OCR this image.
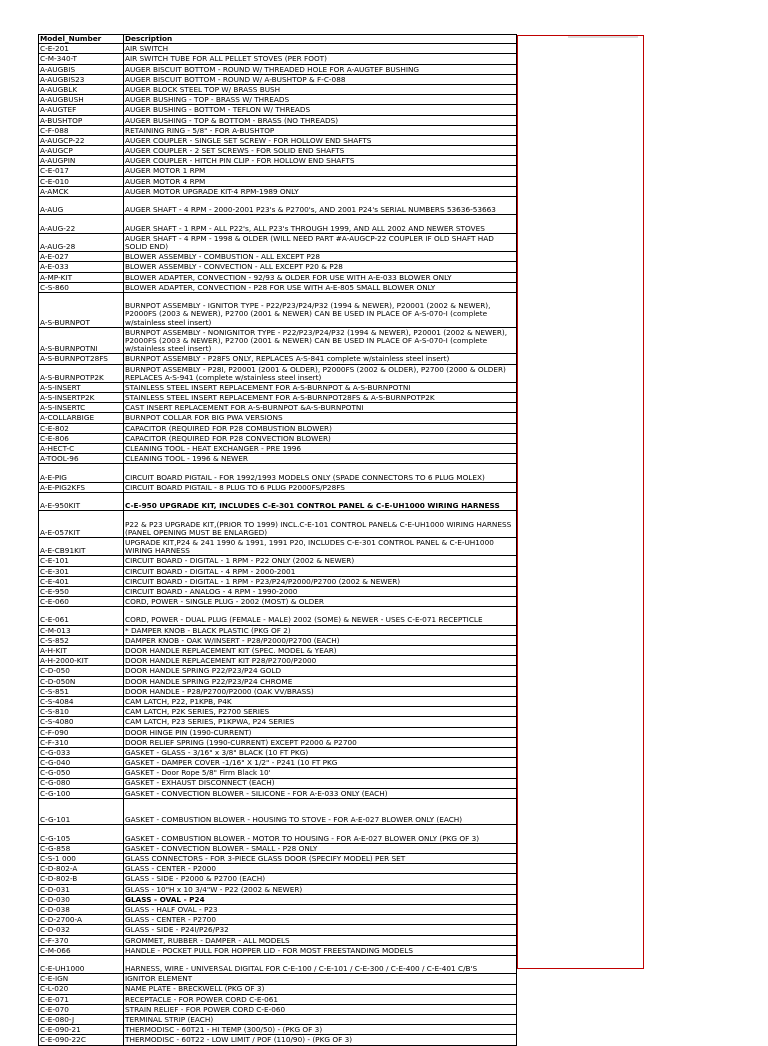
Model_Number	Description
C-E-201	AIR SWITCH
C-M-340-T	AIR SWITCH TUBE FOR ALL PELLET STOVES (PER FOOT)
A-AUGBIS	AUGER BISCUIT BOTTOM - ROUND W/ THREADED HOLE FOR A-AUGTEF BUSHING
A-AUGBIS23	AUGER BISCUIT BOTTOM - ROUND W/ A-BUSHTOP & F-C-088
A-AUGBLK	AUGER BLOCK STEEL TOP W/ BRASS BUSH
A-AUGBUSH	AUGER BUSHING - TOP - BRASS W/ THREADS
A-AUGTEF	AUGER BUSHING - BOTTOM - TEFLON W/ THREADS
A-BUSHTOP	AUGER BUSHING - TOP & BOTTOM - BRASS (NO THREADS)
C-F-088	RETAINING RING - 5/8" - FOR A-BUSHTOP
A-AUGCP-22	AUGER COUPLER - SINGLE SET SCREW - FOR HOLLOW END SHAFTS
A-AUGCP	AUGER COUPLER - 2 SET SCREWS - FOR SOLID END SHAFTS
A-AUGPIN	AUGER COUPLER - HITCH PIN CLIP - FOR HOLLOW END SHAFTS
C-E-017	AUGER MOTOR 1 RPM
C-E-010	AUGER MOTOR 4 RPM
A-AMCK	AUGER MOTOR UPGRADE KIT-4 RPM-1989 ONLY
A-AUG	AUGER SHAFT - 4 RPM - 2000-2001 P23's & P2700's, AND 2001 P24's SERIAL NUMBERS 53636-53663
A-AUG-22	AUGER SHAFT - 1 RPM - ALL P22's, ALL P23's THROUGH 1999, AND ALL 2002 AND NEWER STOVES
A-AUG-28	AUGER SHAFT - 4 RPM - 1998 & OLDER (WILL NEED PART #A-AUGCP-22 COUPLER IF OLD SHAFT HAD SOLID END)
A-E-027	BLOWER ASSEMBLY - COMBUSTION - ALL EXCEPT P28
A-E-033	BLOWER ASSEMBLY - CONVECTION - ALL EXCEPT P20 & P28
A-MP-KIT	BLOWER ADAPTER, CONVECTION - 92/93 & OLDER FOR USE WITH A-E-033 BLOWER ONLY
C-S-860	BLOWER ADAPTER, CONVECTION - P28 FOR USE WITH A-E-805 SMALL BLOWER ONLY
A-S-BURNPOT	BURNPOT ASSEMBLY - IGNITOR TYPE - P22/P23/P24/P32 (1994 & NEWER), P20001 (2002 & NEWER), P2000FS (2003 & NEWER), P2700 (2001 & NEWER) CAN BE USED IN PLACE OF A-S-070-I (complete w/stainless steel insert)
A-S-BURNPOTNI	BURNPOT ASSEMBLY - NONIGNITOR TYPE - P22/P23/P24/P32 (1994 & NEWER), P20001 (2002 & NEWER), P2000FS (2003 & NEWER), P2700 (2001 & NEWER) CAN BE USED IN PLACE OF A-S-070-I (complete w/stainless steel insert)
A-S-BURNPOT28FS	BURNPOT ASSEMBLY - P28FS ONLY, REPLACES A-S-841 complete w/stainless steel insert)
A-S-BURNPOTP2K	BURNPOT ASSEMBLY - P28I, P20001 (2001 & OLDER), P2000FS (2002 & OLDER), P2700 (2000 & OLDER) REPLACES A-S-941 (complete w/stainless steel insert)
A-S-INSERT	STAINLESS STEEL INSERT REPLACEMENT FOR A-S-BURNPOT & A-S-BURNPOTNI
A-S-INSERTP2K	STAINLESS STEEL INSERT REPLACEMENT FOR A-S-BURNPOT28FS & A-S-BURNPOTP2K
A-S-INSERTC	CAST INSERT REPLACEMENT FOR A-S-BURNPOT &A-S-BURNPOTNI
A-COLLARBIGE	BURNPOT COLLAR FOR BIG PWA VERSIONS
C-E-802	CAPACITOR (REQUIRED FOR P28 COMBUSTION BLOWER)
C-E-806	CAPACITOR (REQUIRED FOR P28 CONVECTION BLOWER)
A-HECT-C	CLEANING TOOL - HEAT EXCHANGER - PRE 1996
A-TOOL-96	CLEANING TOOL - 1996 & NEWER
A-E-PIG	CIRCUIT BOARD PIGTAIL - FOR 1992/1993 MODELS ONLY (SPADE CONNECTORS TO 6 PLUG MOLEX)
A-E-PIG2KFS	CIRCUIT BOARD PIGTAIL - 8 PLUG TO 6 PLUG P2000FS/P28FS
A-E-950KIT	C-E-950 UPGRADE KIT, INCLUDES C-E-301 CONTROL PANEL & C-E-UH1000 WIRING HARNESS
A-E-057KIT	P22 & P23 UPGRADE KIT,(PRIOR TO 1999) INCL.C-E-101 CONTROL PANEL& C-E-UH1000 WIRING HARNESS (PANEL OPENING MUST BE ENLARGED)
A-E-CB91KIT	UPGRADE KIT,P24 & 241 1990 & 1991, 1991 P20, INCLUDES C-E-301 CONTROL PANEL & C-E-UH1000 WIRING HARNESS
C-E-101	CIRCUIT BOARD - DIGITAL - 1 RPM - P22 ONLY (2002 & NEWER)
C-E-301	CIRCUIT BOARD - DIGITAL - 4 RPM - 2000-2001
C-E-401	CIRCUIT BOARD - DIGITAL - 1 RPM - P23/P24/P2000/P2700 (2002 & NEWER)
C-E-950	CIRCUIT BOARD - ANALOG - 4 RPM - 1990-2000
C-E-060	CORD, POWER - SINGLE PLUG - 2002 (MOST) & OLDER
C-E-061	CORD, POWER - DUAL PLUG (FEMALE - MALE) 2002 (SOME) & NEWER - USES C-E-071 RECEPTICLE
C-M-013	* DAMPER KNOB - BLACK PLASTIC (PKG OF 2)
C-S-852	DAMPER KNOB - OAK W/INSERT - P28/P2000/P2700 (EACH)
A-H-KIT	DOOR HANDLE REPLACEMENT KIT (SPEC. MODEL & YEAR)
A-H-2000-KIT	DOOR HANDLE REPLACEMENT KIT P28/P2700/P2000
C-D-050	DOOR HANDLE SPRING P22/P23/P24 GOLD
C-D-050N	DOOR HANDLE SPRING P22/P23/P24 CHROME
C-S-851	DOOR HANDLE - P28/P2700/P2000 (OAK VV/BRASS)
C-S-4084	CAM LATCH, P22, P1KPB, P4K
C-S-810	CAM LATCH, P2K SERIES, P2700 SERIES
C-S-4080	CAM LATCH, P23 SERIES, P1KPWA, P24 SERIES
C-F-090	DOOR HINGE PIN (1990-CURRENT)
C-F-310	DOOR RELIEF SPRING (1990-CURRENT) EXCEPT P2000 & P2700
C-G-033	GASKET - GLASS - 3/16" x 3/8" BLACK (10 FT PKG)
C-G-040	GASKET - DAMPER COVER -1/16" X 1/2" - P241 (10 FT PKG
C-G-050	GASKET - Door Rope 5/8" Firm Black 10'
C-G-080	GASKET - EXHAUST DISCONNECT (EACH)
C-G-100	GASKET - CONVECTION BLOWER - SILICONE - FOR A-E-033 ONLY (EACH)
C-G-101	GASKET - COMBUSTION BLOWER - HOUSING TO STOVE - FOR A-E-027 BLOWER ONLY (EACH)
C-G-105	GASKET - COMBUSTION BLOWER - MOTOR TO HOUSING - FOR A-E-027 BLOWER ONLY (PKG OF 3)
C-G-858	GASKET - CONVECTION BLOWER - SMALL - P28 ONLY
C-S-1 000	GLASS CONNECTORS - FOR 3-PIECE GLASS DOOR (SPECIFY MODEL) PER SET
C-D-802-A	GLASS - CENTER - P2000
C-D-802-B	GLASS - SIDE - P2000 & P2700 (EACH)
C-D-031	GLASS - 10"H x 10 3/4"W - P22 (2002 & NEWER)
C-D-030	GLASS - OVAL - P24
C-D-038	GLASS - HALF OVAL - P23
C-D-2700-A	GLASS - CENTER - P2700
C-D-032	GLASS - SIDE - P24I/P26/P32
C-F-370	GROMMET, RUBBER - DAMPER - ALL MODELS
C-M-066	HANDLE - POCKET PULL FOR HOPPER LID - FOR MOST FREESTANDING MODELS
C-E-UH1000	HARNESS, WIRE - UNIVERSAL DIGITAL FOR C-E-100 / C-E-101 / C-E-300 / C-E-400 / C-E-401 C/B'S
C-E-IGN	IGNITOR ELEMENT
C-L-020	NAME PLATE - BRECKWELL (PKG OF 3)
C-E-071	RECEPTACLE - FOR POWER CORD C-E-061
C-E-070	STRAIN RELIEF - FOR POWER CORD C-E-060
C-E-080-J	TERMINAL STRIP (EACH)
C-E-090-21	THERMODISC - 60T21 - HI TEMP (300/50) - (PKG OF 3)
C-E-090-22C	THERMODISC - 60T22 - LOW LIMIT / POF (110/90) - (PKG OF 3)
